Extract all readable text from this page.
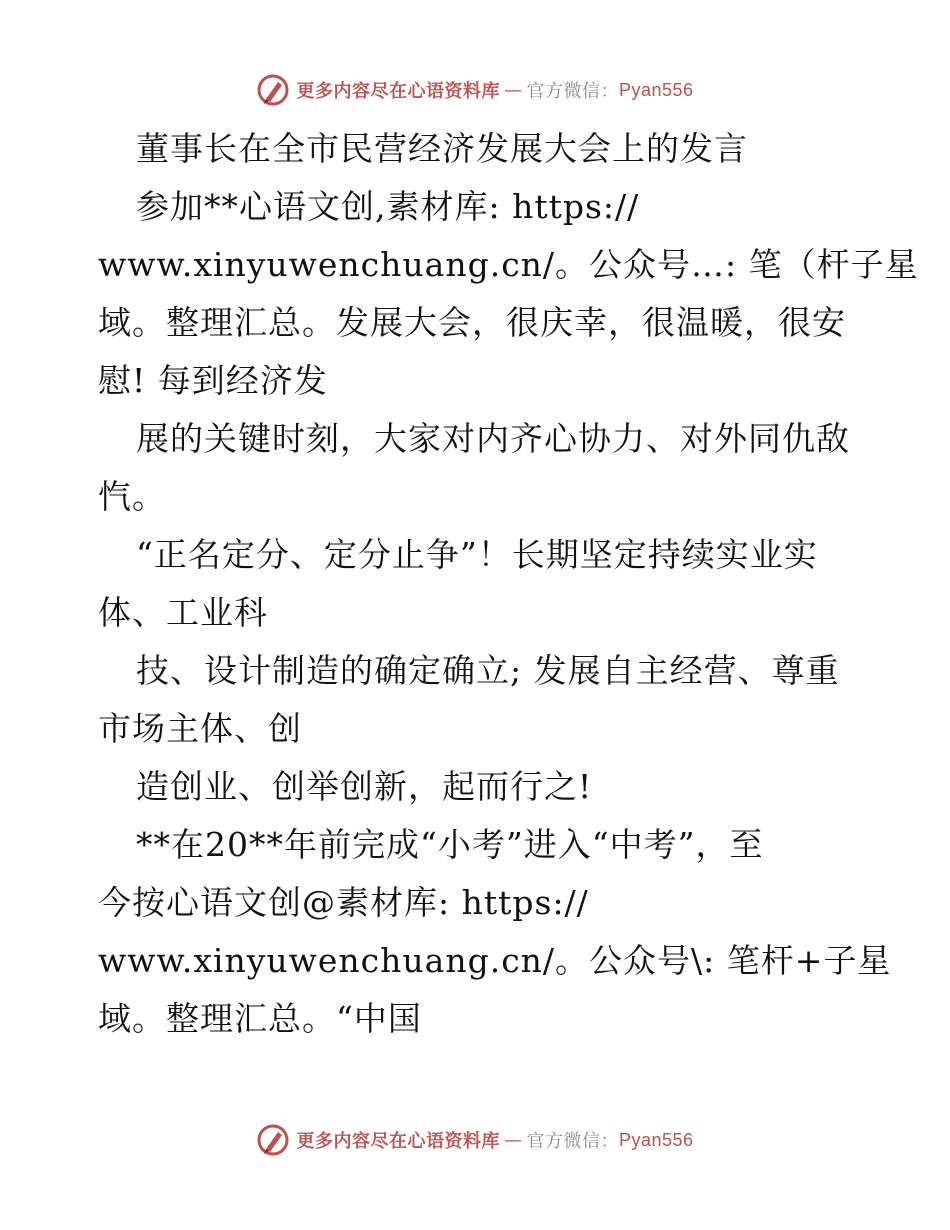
更多内容尽在心语资料库 — 官方微信： Pyan556
董事长在全市民营经济发展大会上的发言
参加**心语文创,素材库: https://
www.xinyuwenchuang.cn/。公众号…: 笔（杆子星
域。整理汇总。发展大会，很庆幸，很温暖，很安
慰! 每到经济发
展的关键时刻，大家对内齐心协力、对外同仇敌
忾。
“正名定分、定分止争”！长期坚定持续实业实
体、工业科
技、设计制造的确定确立; 发展自主经营、尊重
市场主体、创
造创业、创举创新，起而行之!
**在20**年前完成“小考”进入“中考”，至
今按心语文创@素材库: https://
www.xinyuwenchuang.cn/。公众号\: 笔杆+子星
域。整理汇总。“中国
更多内容尽在心语资料库 — 官方微信： Pyan556
